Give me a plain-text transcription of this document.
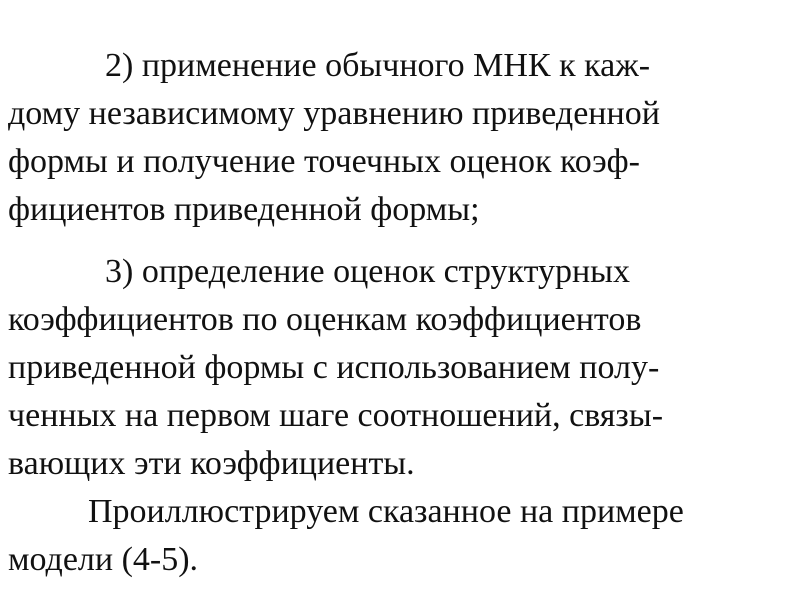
2) применение обычного МНК к каж-
дому независимому уравнению приведенной
формы и получение точечных оценок коэф-
фициентов приведенной формы;
3) определение оценок структурных
коэффициентов по оценкам коэффициентов
приведенной формы с использованием полу-
ченных на первом шаге соотношений, связы-
вающих эти коэффициенты.
Проиллюстрируем сказанное на примере
модели (4-5).
